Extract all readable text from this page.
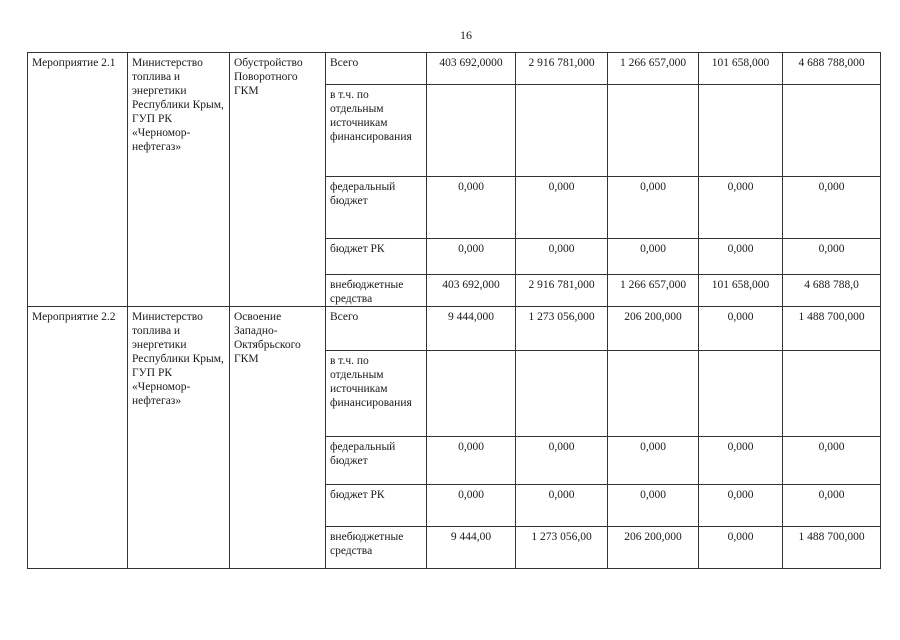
16
Мероприятие 2.1	Министерство топлива и энергетики Республики Крым, ГУП РК «Черномор-нефтегаз»	Обустройство Поворотного ГКМ	Всего	403 692,0000	2 916 781,000	1 266 657,000	101 658,000	4 688 788,000
			в т.ч. по отдельным источникам финансирования					
			федеральный бюджет	0,000	0,000	0,000	0,000	0,000
			бюджет РК	0,000	0,000	0,000	0,000	0,000
			внебюджетные средства	403 692,000	2 916 781,000	1 266 657,000	101 658,000	4 688 788,0
Мероприятие 2.2	Министерство топлива и энергетики Республики Крым, ГУП РК «Черномор-нефтегаз»	Освоение Западно-Октябрьского ГКМ	Всего	9 444,000	1 273 056,000	206 200,000	0,000	1 488 700,000
			в т.ч. по отдельным источникам финансирования					
			федеральный бюджет	0,000	0,000	0,000	0,000	0,000
			бюджет РК	0,000	0,000	0,000	0,000	0,000
			внебюджетные средства	9 444,00	1 273 056,00	206 200,000	0,000	1 488 700,000
